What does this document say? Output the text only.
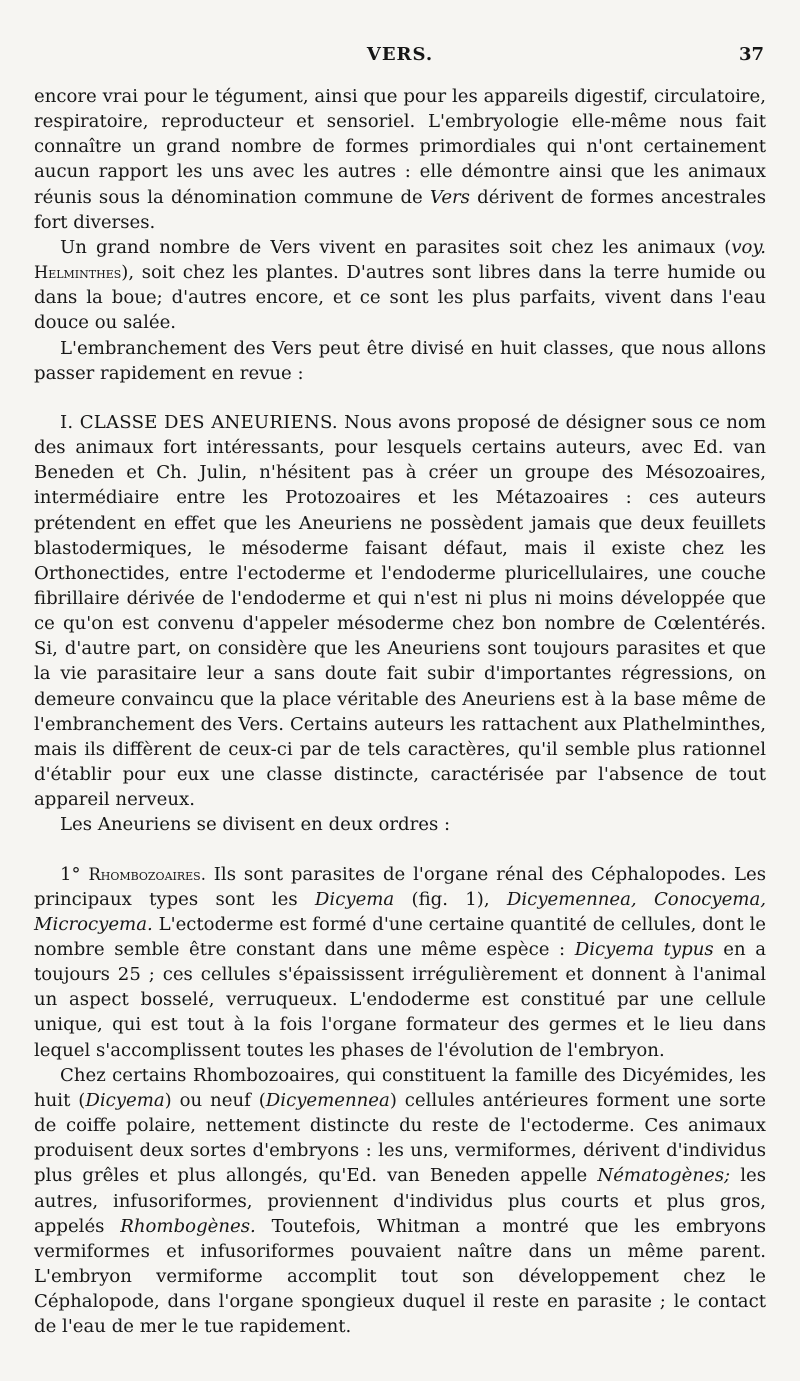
VERS.	37

encore vrai pour le tégument, ainsi que pour les appareils digestif, circulatoire, respiratoire, reproducteur et sensoriel. L'embryologie elle-même nous fait connaître un grand nombre de formes primordiales qui n'ont certainement aucun rapport les uns avec les autres : elle démontre ainsi que les animaux réunis sous la dénomination commune de Vers dérivent de formes ancestrales fort diverses.

Un grand nombre de Vers vivent en parasites soit chez les animaux (voy. Helminthes), soit chez les plantes. D'autres sont libres dans la terre humide ou dans la boue; d'autres encore, et ce sont les plus parfaits, vivent dans l'eau douce ou salée.

L'embranchement des Vers peut être divisé en huit classes, que nous allons passer rapidement en revue :

I. CLASSE DES ANEURIENS. Nous avons proposé de désigner sous ce nom des animaux fort intéressants, pour lesquels certains auteurs, avec Ed. van Beneden et Ch. Julin, n'hésitent pas à créer un groupe des Mésozoaires, intermédiaire entre les Protozoaires et les Métazoaires : ces auteurs prétendent en effet que les Aneuriens ne possèdent jamais que deux feuillets blastodermiques, le mésoderme faisant défaut, mais il existe chez les Orthonectides, entre l'ectoderme et l'endoderme pluricellulaires, une couche fibrillaire dérivée de l'endoderme et qui n'est ni plus ni moins développée que ce qu'on est convenu d'appeler mésoderme chez bon nombre de Cœlentérés. Si, d'autre part, on considère que les Aneuriens sont toujours parasites et que la vie parasitaire leur a sans doute fait subir d'importantes régressions, on demeure convaincu que la place véritable des Aneuriens est à la base même de l'embranchement des Vers. Certains auteurs les rattachent aux Plathelminthes, mais ils diffèrent de ceux-ci par de tels caractères, qu'il semble plus rationnel d'établir pour eux une classe distincte, caractérisée par l'absence de tout appareil nerveux.

Les Aneuriens se divisent en deux ordres :

1° Rhombozoaires. Ils sont parasites de l'organe rénal des Céphalopodes. Les principaux types sont les Dicyema (fig. 1), Dicyemennea, Conocyema, Microcyema. L'ectoderme est formé d'une certaine quantité de cellules, dont le nombre semble être constant dans une même espèce : Dicyema typus en a toujours 25 ; ces cellules s'épaississent irrégulièrement et donnent à l'animal un aspect bosselé, verruqueux. L'endoderme est constitué par une cellule unique, qui est tout à la fois l'organe formateur des germes et le lieu dans lequel s'accomplissent toutes les phases de l'évolution de l'embryon.

Chez certains Rhombozoaires, qui constituent la famille des Dicyémides, les huit (Dicyema) ou neuf (Dicyemennea) cellules antérieures forment une sorte de coiffe polaire, nettement distincte du reste de l'ectoderme. Ces animaux produisent deux sortes d'embryons : les uns, vermiformes, dérivent d'individus plus grêles et plus allongés, qu'Ed. van Beneden appelle Nématogènes; les autres, infusoriformes, proviennent d'individus plus courts et plus gros, appelés Rhombogènes. Toutefois, Whitman a montré que les embryons vermiformes et infusoriformes pouvaient naître dans un même parent. L'embryon vermiforme accomplit tout son développement chez le Céphalopode, dans l'organe spongieux duquel il reste en parasite ; le contact de l'eau de mer le tue rapidement.
